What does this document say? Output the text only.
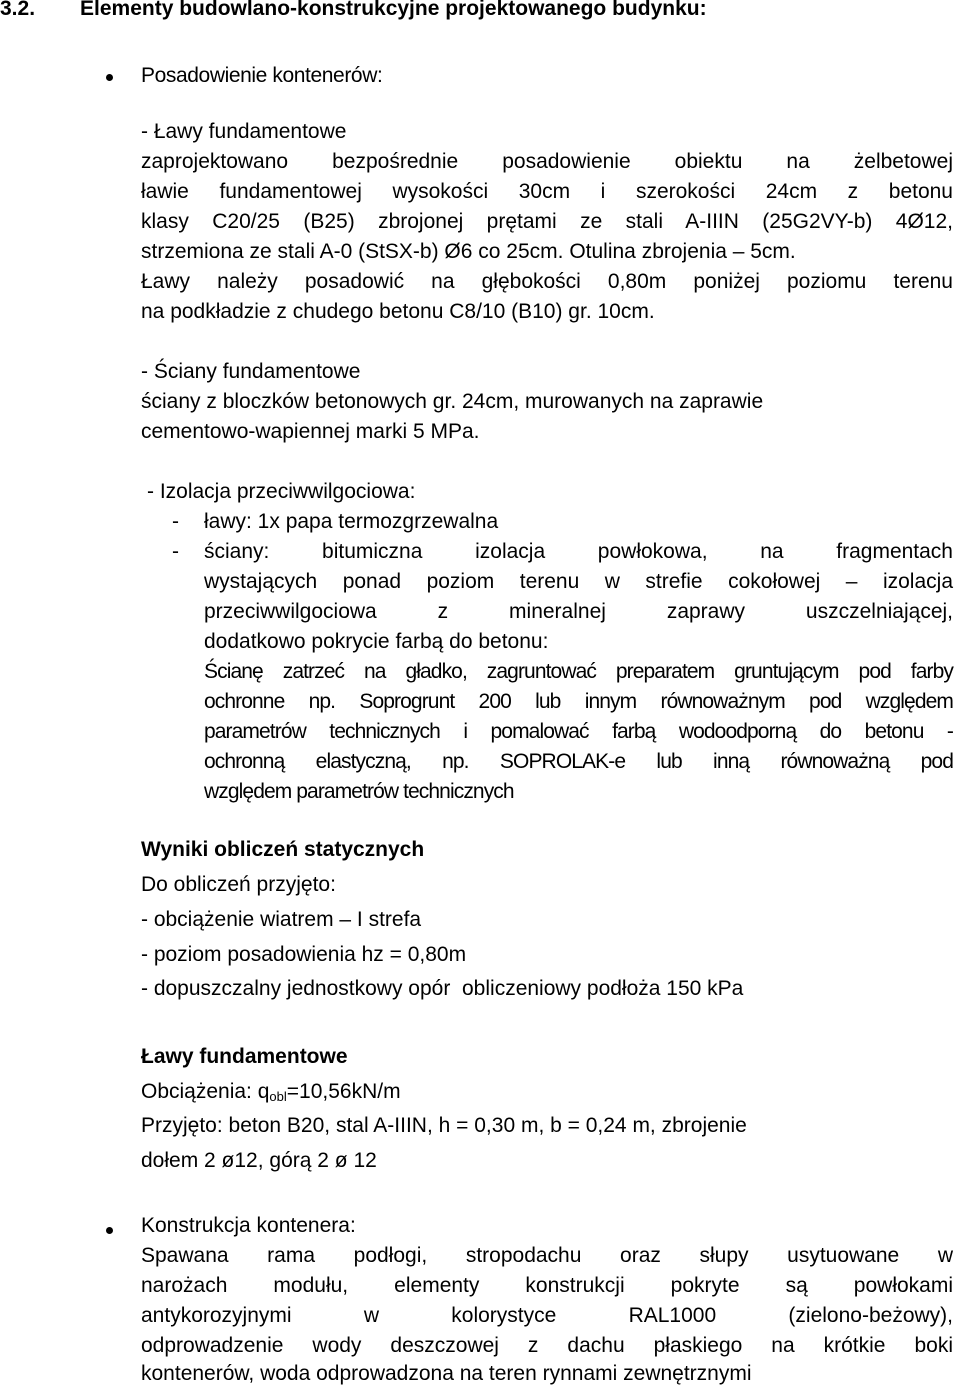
3.2. Elementy budowlano-konstrukcyjne projektowanego budynku:
Posadowienie kontenerów:
- Ławy fundamentowe
zaprojektowano bezpośrednie posadowienie obiektu na żelbetowej
ławie fundamentowej wysokości 30cm i szerokości 24cm z betonu
klasy C20/25 (B25) zbrojonej prętami ze stali A-IIIN (25G2VY-b) 4Ø12,
strzemiona ze stali A-0 (StSX-b) Ø6 co 25cm. Otulina zbrojenia – 5cm.
Ławy należy posadowić na głębokości 0,80m poniżej poziomu terenu
na podkładzie z chudego betonu C8/10 (B10) gr. 10cm.
- Ściany fundamentowe
ściany z bloczków betonowych gr. 24cm, murowanych na zaprawie
cementowo-wapiennej marki 5 MPa.
- Izolacja przeciwwilgociowa:
- ławy: 1x papa termozgrzewalna
- ściany: bitumiczna izolacja powłokowa, na fragmentach
wystających ponad poziom terenu w strefie cokołowej – izolacja
przeciwwilgociowa z mineralnej zaprawy uszczelniającej,
dodatkowo pokrycie farbą do betonu:
Ścianę zatrzeć na gładko, zagruntować preparatem gruntującym pod farby
ochronne np. Soprogrunt 200 lub innym równoważnym pod względem
parametrów technicznych i pomalować farbą wodoodporną do betonu -
ochronną elastyczną, np. SOPROLAK-e lub inną równoważną pod
względem parametrów technicznych
Wyniki obliczeń statycznych
Do obliczeń przyjęto:
- obciążenie wiatrem – I strefa
- poziom posadowienia hz = 0,80m
- dopuszczalny jednostkowy opór  obliczeniowy podłoża 150 kPa
Ławy fundamentowe
Obciążenia: $q_{obl}=10,56kN/m$
Przyjęto: beton B20, stal A-IIIN, h = 0,30 m, b = 0,24 m, zbrojenie
dołem 2 ø12, górą 2 ø 12
Konstrukcja kontenera:
Spawana rama podłogi, stropodachu oraz słupy usytuowane w
narożach modułu, elementy konstrukcji pokryte są powłokami
antykorozyjnymi w kolorystyce RAL1000 (zielono-beżowy),
odprowadzenie wody deszczowej z dachu płaskiego na krótkie boki
kontenerów, woda odprowadzona na teren rynnami zewnętrznymi
